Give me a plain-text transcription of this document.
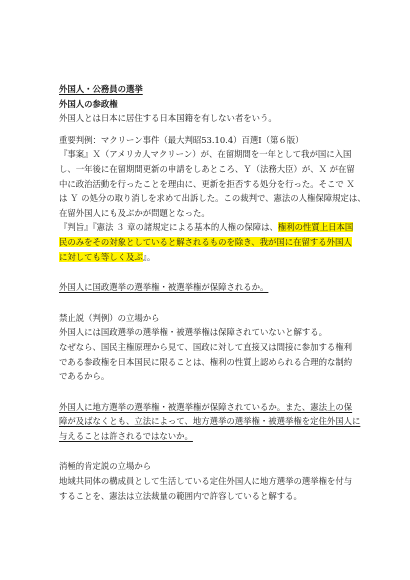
外国人・公務員の選挙

外国人の参政権

外国人とは日本に居住する日本国籍を有しない者をいう。

重要判例：マクリーン事件（最大判昭53.10.4）百選Ⅰ（第６版）

『事案』Ｘ（アメリカ人マクリーン）が、在留期間を一年として我が国に入国
し、一年後に在留期間更新の申請をしあところ、Ｙ（法務大臣）が、Ｘ が在留
中に政治活動を行ったことを理由に、更新を拒否する処分を行った。そこで Ｘ
は Ｙ の処分の取り消しを求めて出訴した。この裁判で、憲法の人権保障規定は、
在留外国人にも及ぶかが問題となった。
『判旨』『憲法 ３ 章の諸規定による基本的人権の保障は、権利の性質上日本国
民のみをその対象としていると解されるものを除き、我が国に在留する外国人
に対しても等しく及ぶ』。

外国人に国政選挙の選挙権・被選挙権が保障されるか。

禁止説（判例）の立場から

外国人には国政選挙の選挙権・被選挙権は保障されていないと解する。
なぜなら、国民主権原理から見て、国政に対して直接又は間接に参加する権利
である参政権を日本国民に限ることは、権利の性質上認められる合理的な制約
であるから。
外国人に地方選挙の選挙権・被選挙権が保障されているか。また、憲法上の保
障が及ばなくとも、立法によって、地方選挙の選挙権・被選挙権を定住外国人に
与えることは許されるではないか。

消極的肯定説の立場から

地域共同体の構成員として生活している定住外国人に地方選挙の選挙権を付与
することを、憲法は立法裁量の範囲内で許容していると解する。
